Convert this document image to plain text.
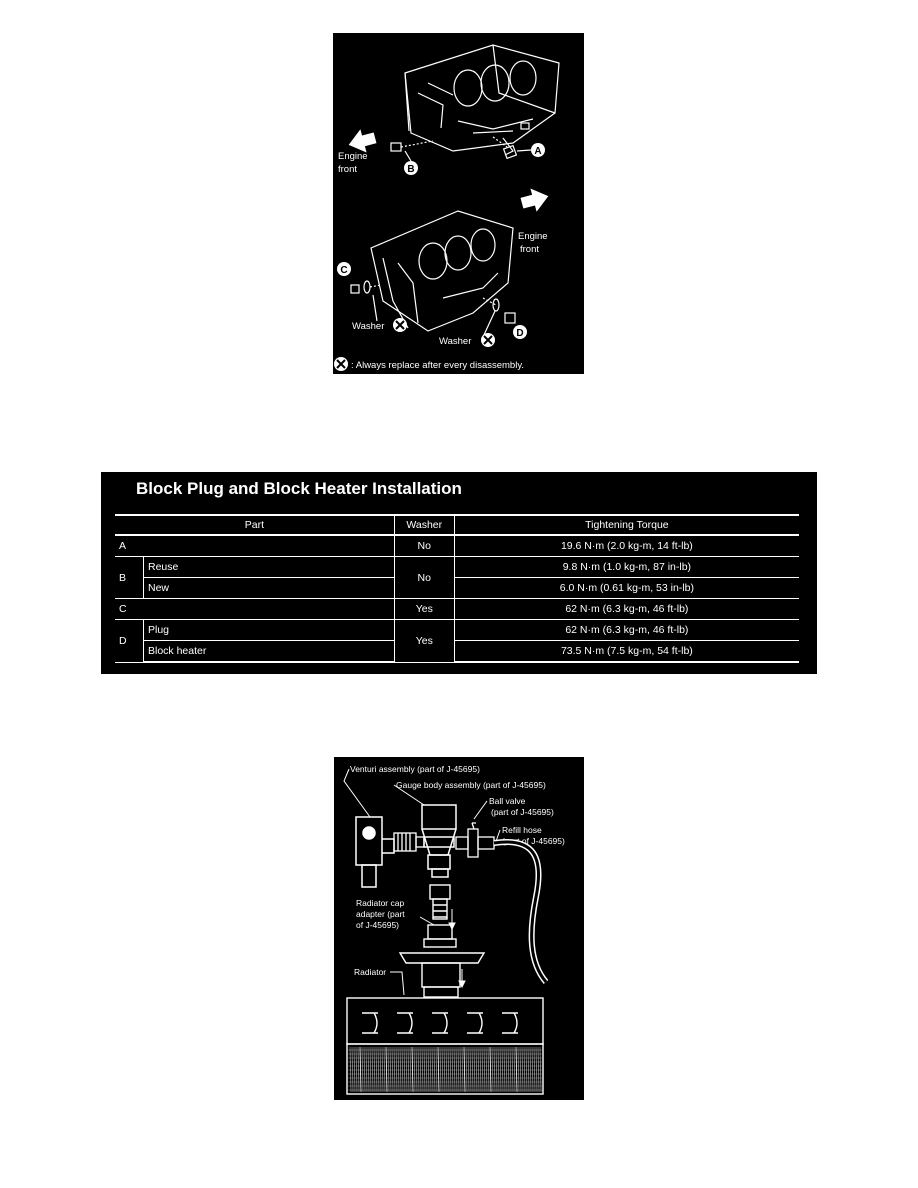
A
B
Engine front
C
D
Engine front
Washer
Washer
: Always replace after every disassembly.
Block Plug and Block Heater Installation
Part		Washer	Tightening Torque
A		No	19.6 N·m (2.0 kg-m, 14 ft-lb)
B	Reuse	No	9.8 N·m (1.0 kg-m, 87 in-lb)
	New		6.0 N·m (0.61 kg-m, 53 in-lb)
C		Yes	62 N·m (6.3 kg-m, 46 ft-lb)
D	Plug	Yes	62 N·m (6.3 kg-m, 46 ft-lb)
	Block heater		73.5 N·m (7.5 kg-m, 54 ft-lb)
Venturi assembly (part of J-45695)
Gauge body assembly (part of J-45695)
Ball valve
(part of J-45695)
Refill hose
(part of J-45695)
Radiator cap
adapter (part
of J-45695)
Radiator
